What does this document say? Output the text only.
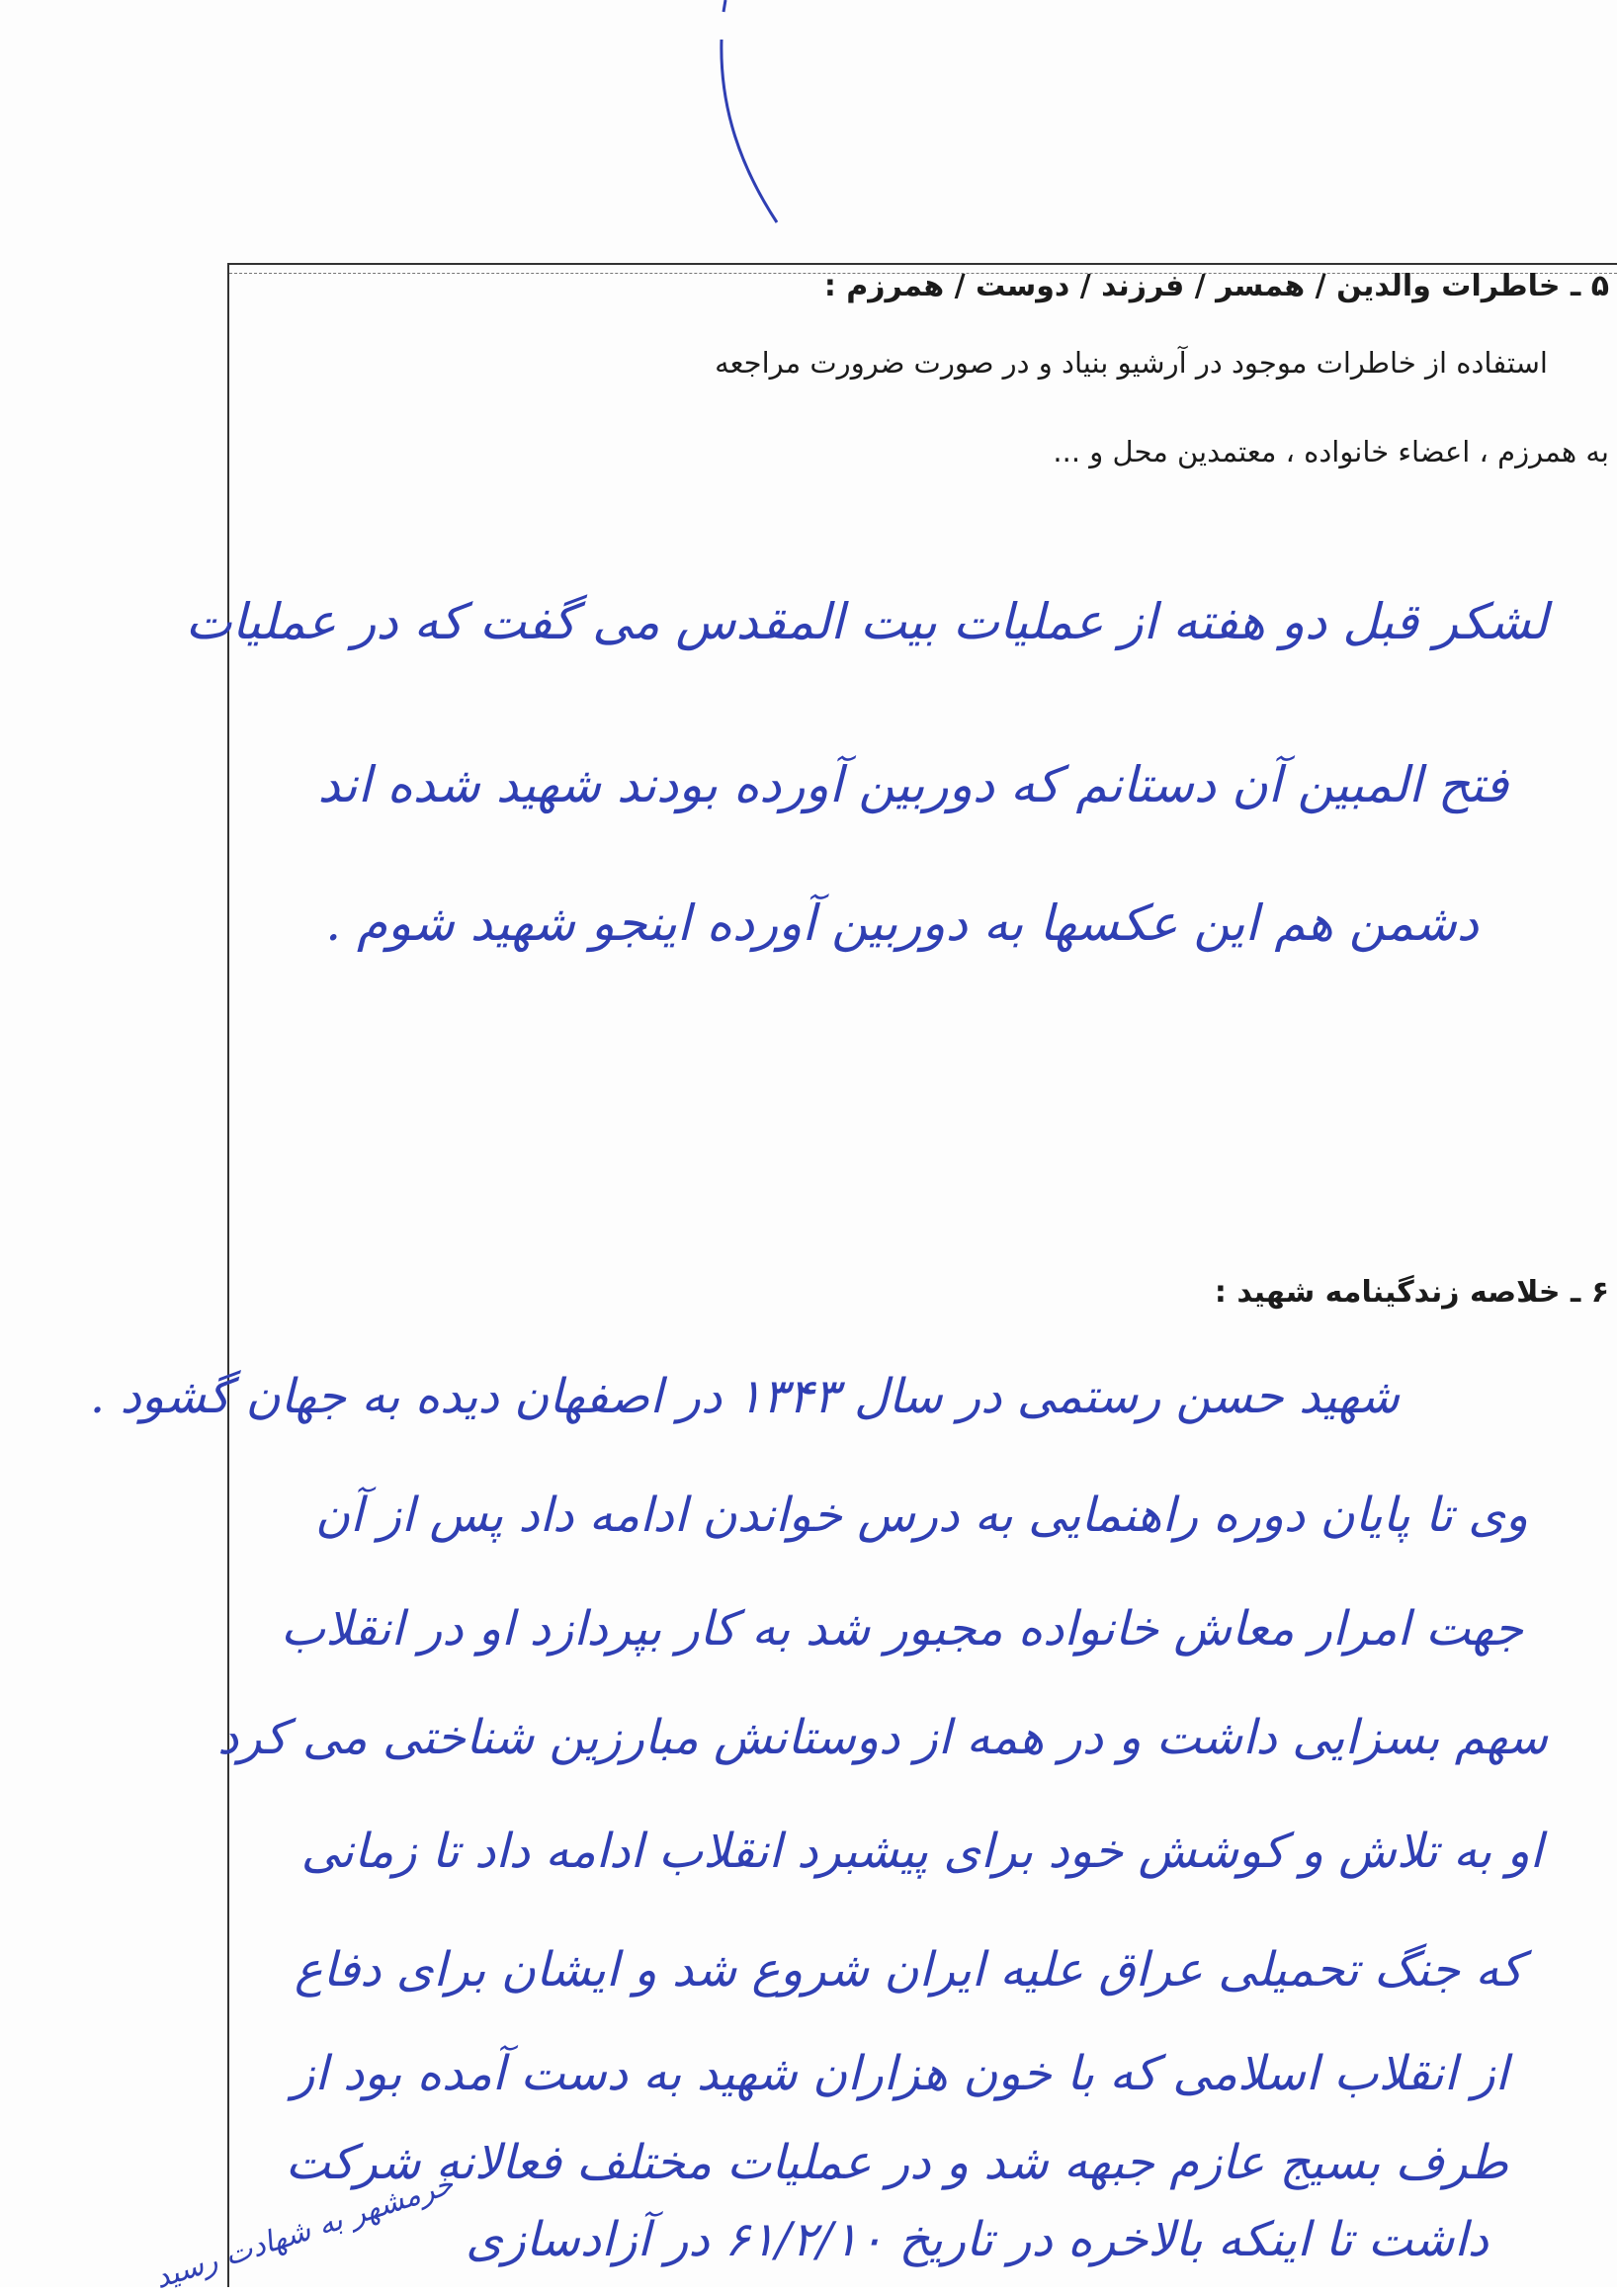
۵ ـ خاطرات والدین / همسر / فرزند / دوست / همرزم :
استفاده از خاطرات موجود در آرشیو بنیاد و در صورت ضرورت مراجعه
به همرزم ، اعضاء خانواده ، معتمدین محل و ...
لشکر قبل دو هفته از عملیات بیت المقدس می گفت که در عملیات
فتح المبین آن دستانم که دوربین آورده بودند شهید شده اند
دشمن هم این عکسها به دوربین آورده اینجو شهید شوم .
۶ ـ خلاصه زندگینامه شهید :
شهید حسن رستمی در سال ۱۳۴۳ در اصفهان دیده به جهان گشود .
وی تا پایان دوره راهنمایی به درس خواندن ادامه داد پس از آن
جهت امرار معاش خانواده مجبور شد به کار بپردازد او در انقلاب
سهم بسزایی داشت و در همه از دوستانش مبارزین شناختی می کرد
او به تلاش و کوشش خود برای پیشبرد انقلاب ادامه داد تا زمانی
که جنگ تحمیلی عراق علیه ایران شروع شد و ایشان برای دفاع
از انقلاب اسلامی که با خون هزاران شهید به دست آمده بود از
طرف بسیج عازم جبهه شد و در عملیات مختلف فعالانه شرکت
داشت تا اینکه بالاخره در تاریخ ۶۱/۲/۱۰ در آزادسازی
خرمشهر به شهادت رسید
